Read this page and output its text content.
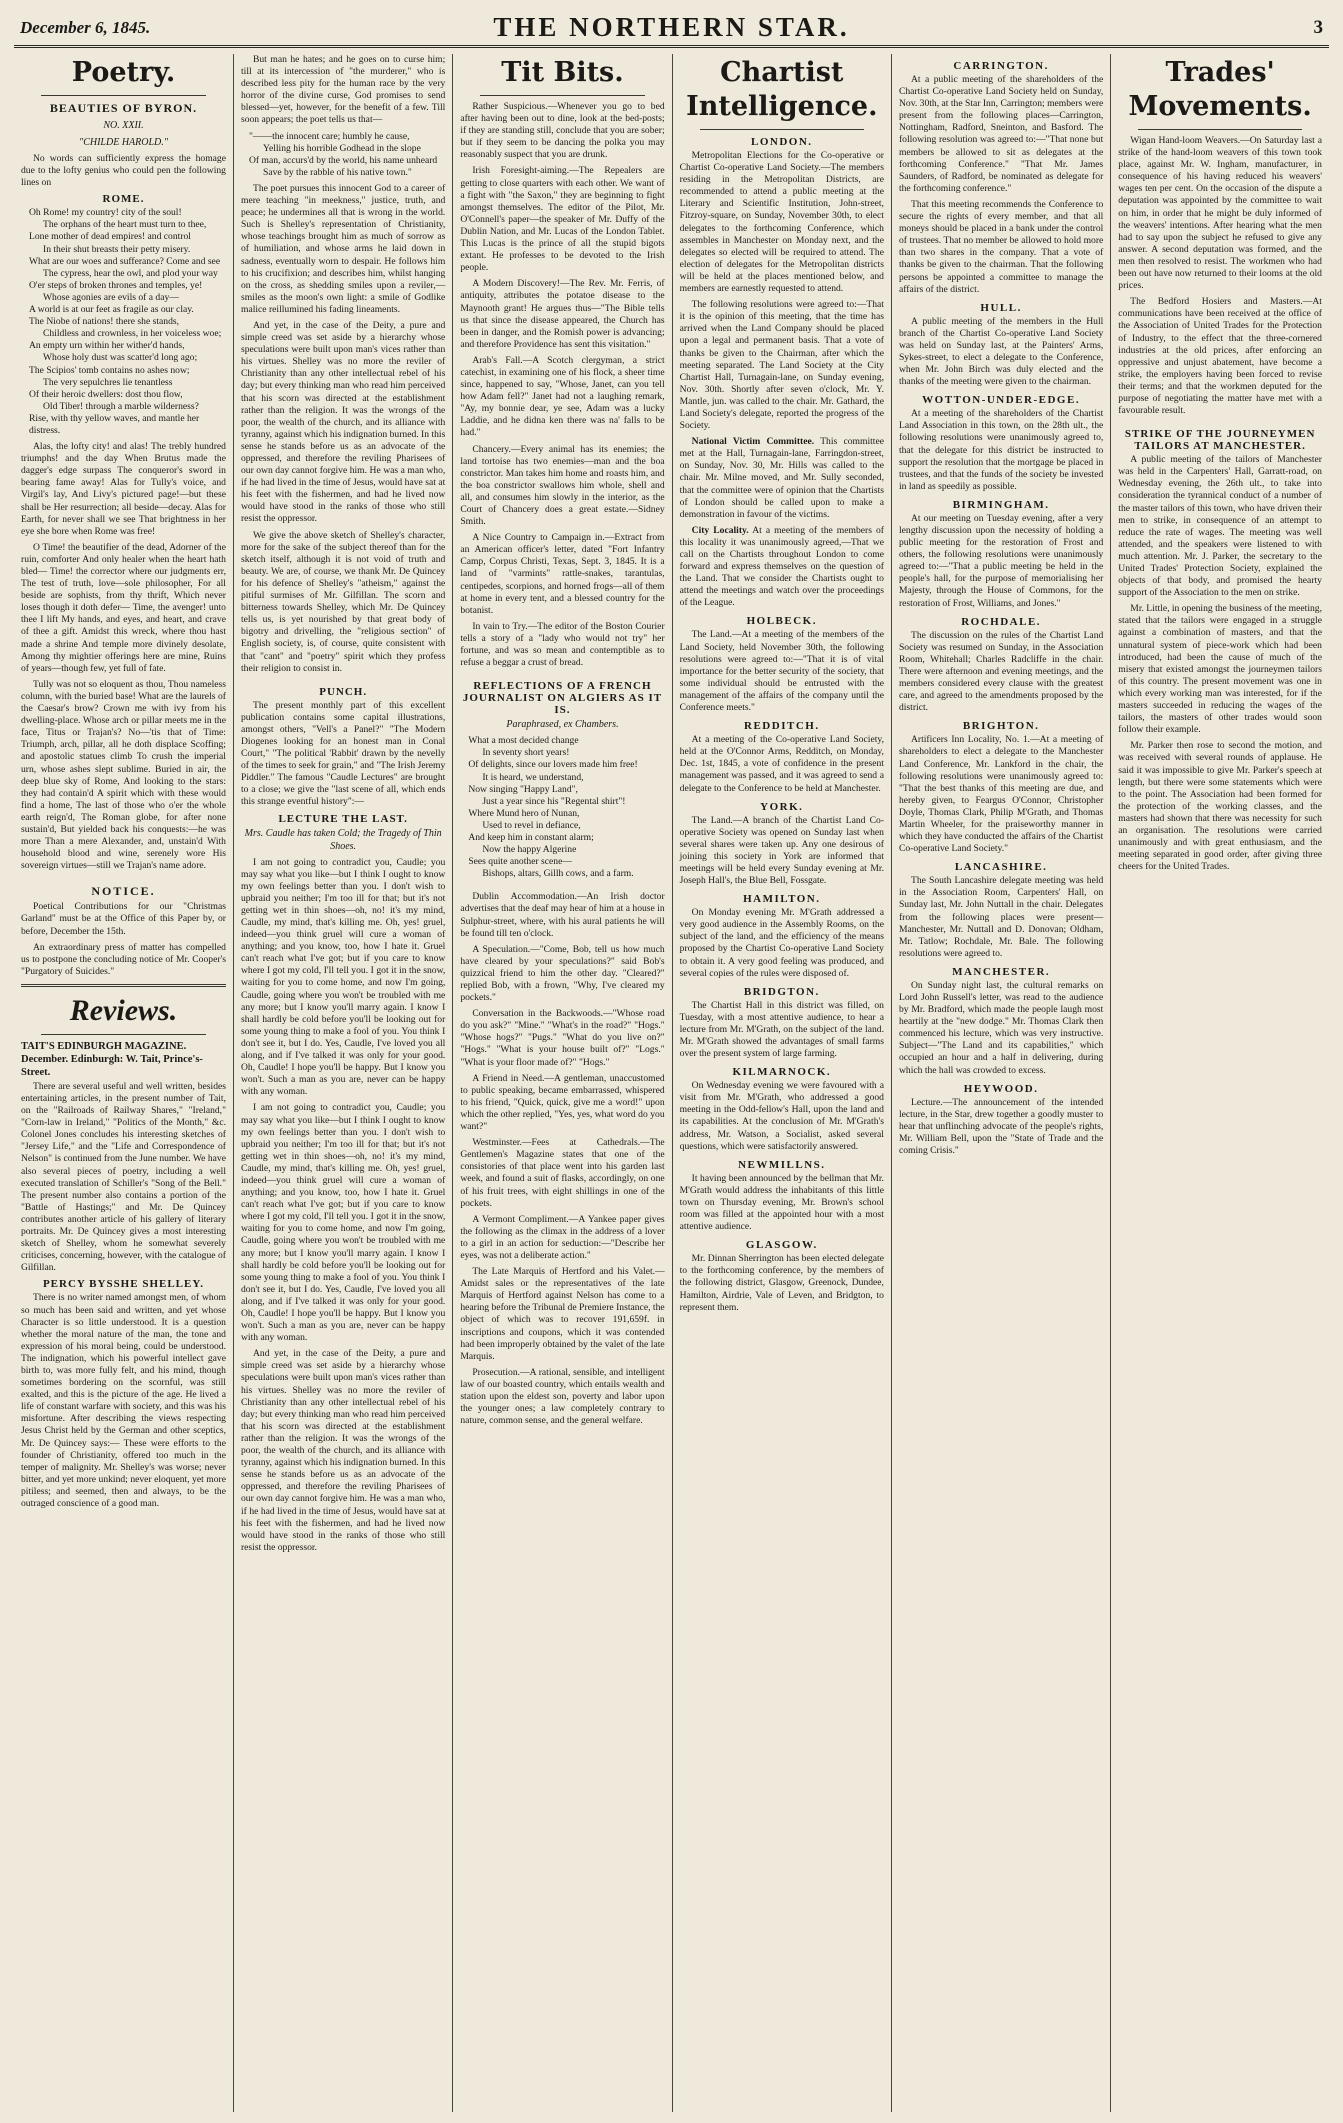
December 6, 1845.	THE NORTHERN STAR.	3
Poetry.
BEAUTIES OF BYRON.
NO. XXII.
"CHILDE HAROLD."

No words can sufficiently express the homage due to the lofty genius who could pen the following lines on

ROME.
Oh Rome! my country! city of the soul!
The orphans of the heart must turn to thee,
Lone mother of dead empires! and control
In their shut breasts their petty misery.
What are our woes and sufferance? Come and see
The cypress, hear the owl, and plod your way
O'er steps of broken thrones and temples, ye!
Whose agonies are evils of a day—
A world is at our feet as fragile as our clay.
The Niobe of nations! there she stands,
Childless and crownless, in her voiceless woe;
An empty urn within her wither'd hands,
Whose holy dust was scatter'd long ago;
The Scipios' tomb contains no ashes now;
The very sepulchres lie tenantless
Of their heroic dwellers: dost thou flow,
Old Tiber! through a marble wilderness?
Rise, with thy yellow waves, and mantle her distress.

Alas, the lofty city! and alas! The trebly hundred triumphs! and the day When Brutus made the dagger's edge surpass The conqueror's sword in bearing fame away! Alas for Tully's voice, and Virgil's lay, And Livy's pictured page!—but these shall be Her resurrection; all beside—decay. Alas for Earth, for never shall we see That brightness in her eye she bore when Rome was free!

O Time! the beautifier of the dead, Adorner of the ruin, comforter And only healer when the heart hath bled— Time! the corrector where our judgments err, The test of truth, love—sole philosopher, For all beside are sophists, from thy thrift, Which never loses though it doth defer— Time, the avenger! unto thee I lift My hands, and eyes, and heart, and crave of thee a gift. Amidst this wreck, where thou hast made a shrine And temple more divinely desolate, Among thy mightier offerings here are mine, Ruins of years—though few, yet full of fate.

Tully was not so eloquent as thou, Thou nameless column, with the buried base! What are the laurels of the Caesar's brow? Crown me with ivy from his dwelling-place. Whose arch or pillar meets me in the face, Titus or Trajan's? No—'tis that of Time: Triumph, arch, pillar, all he doth displace Scoffing; and apostolic statues climb To crush the imperial urn, whose ashes slept sublime. Buried in air, the deep blue sky of Rome, And looking to the stars: they had contain'd A spirit which with these would find a home, The last of those who o'er the whole earth reign'd, The Roman globe, for after none sustain'd, But yielded back his conquests:—he was more Than a mere Alexander, and, unstain'd With household blood and wine, serenely wore His sovereign virtues—still we Trajan's name adore.

NOTICE.

Poetical Contributions for our "Christmas Garland" must be at the Office of this Paper by, or before, December the 15th.

An extraordinary press of matter has compelled us to postpone the concluding notice of Mr. Cooper's "Purgatory of Suicides."

Reviews.
TAIT'S EDINBURGH MAGAZINE. December. Edinburgh: W. Tait, Prince's-Street.

There are several useful and well written, besides entertaining articles, in the present number of Tait, on the "Railroads of Railway Shares," "Ireland," "Corn-law in Ireland," "Politics of the Month," &c. Colonel Jones concludes his interesting sketches of "Jersey Life," and the "Life and Correspondence of Nelson" is continued from the June number. We have also several pieces of poetry, including a well executed translation of Schiller's "Song of the Bell." The present number also contains a portion of the "Battle of Hastings;" and Mr. De Quincey contributes another article of his gallery of literary portraits. Mr. De Quincey gives a most interesting sketch of Shelley, whom he somewhat severely criticises, concerning, however, with the catalogue of Gilfillan.

PERCY BYSSHE SHELLEY.

There is no writer named amongst men, of whom so much has been said and written, and yet whose Character is so little understood. It is a question whether the moral nature of the man, the tone and expression of his moral being, could be understood. The indignation, which his powerful intellect gave birth to, was more fully felt, and his mind, though sometimes bordering on the scornful, was still exalted, and this is the picture of the age. He lived a life of constant warfare with society, and this was his misfortune. After describing the views respecting Jesus Christ held by the German and other sceptics, Mr. De Quincey says:— These were efforts to the founder of Christianity, offered too much in the temper of malignity. Mr. Shelley's was worse; never bitter, and yet more unkind; never eloquent, yet more pitiless; and seemed, then and always, to be the outraged conscience of a good man.

But man he hates; and he goes on to curse him; till at its intercession of "the murderer," who is described less pity for the human race by the very horror of the divine curse, God promises to send blessed—yet, however, for the benefit of a few. Till soon appears; the poet tells us that—

"——the innocent care; humbly he cause,
Yelling his horrible Godhead in the slope
Of man, accurs'd by the world, his name unheard
Save by the rabble of his native town."

The poet pursues this innocent God to a career of mere teaching "in meekness," justice, truth, and peace; he undermines all that is wrong in the world. Such is Shelley's representation of Christianity, whose teachings brought him as much of sorrow as of humiliation, and whose arms he laid down in sadness, eventually worn to despair. He follows him to his crucifixion; and describes him, whilst hanging on the cross, as shedding smiles upon a reviler,—smiles as the moon's own light: a smile of Godlike malice reillumined his fading lineaments.

And yet, in the case of the Deity, a pure and simple creed was set aside by a hierarchy whose speculations were built upon man's vices rather than his virtues. Shelley was no more the reviler of Christianity than any other intellectual rebel of his day; but every thinking man who read him perceived that his scorn was directed at the establishment rather than the religion. It was the wrongs of the poor, the wealth of the church, and its alliance with tyranny, against which his indignation burned. In this sense he stands before us as an advocate of the oppressed, and therefore the reviling Pharisees of our own day cannot forgive him. He was a man who, if he had lived in the time of Jesus, would have sat at his feet with the fishermen, and had he lived now would have stood in the ranks of those who still resist the oppressor.

We give the above sketch of Shelley's character, more for the sake of the subject thereof than for the sketch itself, although it is not void of truth and beauty. We are, of course, we thank Mr. De Quincey for his defence of Shelley's "atheism," against the pitiful surmises of Mr. Gilfillan. The scorn and bitterness towards Shelley, which Mr. De Quincey tells us, is yet nourished by that great body of bigotry and drivelling, the "religious section" of English society, is, of course, quite consistent with that "cant" and "poetry" spirit which they profess their religion to consist in.

PUNCH.

The present monthly part of this excellent publication contains some capital illustrations, amongst others, "Vell's a Panel?" "The Modern Diogenes looking for an honest man in Conal Court," "The political 'Rabbit' drawn by the nevelly of the times to seek for grain," and "The Irish Jeremy Piddler." The famous "Caudle Lectures" are brought to a close; we give the "last scene of all, which ends this strange eventful history":—

LECTURE THE LAST.
Mrs. Caudle has taken Cold; the Tragedy of Thin Shoes.

I am not going to contradict you, Caudle; you may say what you like—but I think I ought to know my own feelings better than you. I don't wish to upbraid you neither; I'm too ill for that; but it's not getting wet in thin shoes—oh, no! it's my mind, Caudle, my mind, that's killing me. Oh, yes! gruel, indeed—you think gruel will cure a woman of anything; and you know, too, how I hate it. Gruel can't reach what I've got; but if you care to know where I got my cold, I'll tell you. I got it in the snow, waiting for you to come home, and now I'm going, Caudle, going where you won't be troubled with me any more; but I know you'll marry again. I know I shall hardly be cold before you'll be looking out for some young thing to make a fool of you. You think I don't see it, but I do. Yes, Caudle, I've loved you all along, and if I've talked it was only for your good. Oh, Caudle! I hope you'll be happy. But I know you won't. Such a man as you are, never can be happy with any woman.

I am not going to contradict you, Caudle; you may say what you like—but I think I ought to know my own feelings better than you. I don't wish to upbraid you neither; I'm too ill for that; but it's not getting wet in thin shoes—oh, no! it's my mind, Caudle, my mind, that's killing me. Oh, yes! gruel, indeed—you think gruel will cure a woman of anything; and you know, too, how I hate it. Gruel can't reach what I've got; but if you care to know where I got my cold, I'll tell you. I got it in the snow, waiting for you to come home, and now I'm going, Caudle, going where you won't be troubled with me any more; but I know you'll marry again. I know I shall hardly be cold before you'll be looking out for some young thing to make a fool of you. You think I don't see it, but I do. Yes, Caudle, I've loved you all along, and if I've talked it was only for your good. Oh, Caudle! I hope you'll be happy. But I know you won't. Such a man as you are, never can be happy with any woman.

And yet, in the case of the Deity, a pure and simple creed was set aside by a hierarchy whose speculations were built upon man's vices rather than his virtues. Shelley was no more the reviler of Christianity than any other intellectual rebel of his day; but every thinking man who read him perceived that his scorn was directed at the establishment rather than the religion. It was the wrongs of the poor, the wealth of the church, and its alliance with tyranny, against which his indignation burned. In this sense he stands before us as an advocate of the oppressed, and therefore the reviling Pharisees of our own day cannot forgive him. He was a man who, if he had lived in the time of Jesus, would have sat at his feet with the fishermen, and had he lived now would have stood in the ranks of those who still resist the oppressor.

Tit Bits.

Rather Suspicious.—Whenever you go to bed after having been out to dine, look at the bed-posts; if they are standing still, conclude that you are sober; but if they seem to be dancing the polka you may reasonably suspect that you are drunk.

Irish Foresight-aiming.—The Repealers are getting to close quarters with each other. We want of a fight with "the Saxon," they are beginning to fight amongst themselves. The editor of the Pilot, Mr. O'Connell's paper—the speaker of Mr. Duffy of the Dublin Nation, and Mr. Lucas of the London Tablet. This Lucas is the prince of all the stupid bigots extant. He professes to be devoted to the Irish people.

A Modern Discovery!—The Rev. Mr. Ferris, of antiquity, attributes the potatoe disease to the Maynooth grant! He argues thus—"The Bible tells us that since the disease appeared, the Church has been in danger, and the Romish power is advancing; and therefore Providence has sent this visitation."

Arab's Fall.—A Scotch clergyman, a strict catechist, in examining one of his flock, a sheer time since, happened to say, "Whose, Janet, can you tell how Adam fell?" Janet had not a laughing remark, "Ay, my bonnie dear, ye see, Adam was a lucky Laddie, and he didna ken there was na' falls to be had."

Chancery.—Every animal has its enemies; the land tortoise has two enemies—man and the boa constrictor. Man takes him home and roasts him, and the boa constrictor swallows him whole, shell and all, and consumes him slowly in the interior, as the Court of Chancery does a great estate.—Sidney Smith.

A Nice Country to Campaign in.—Extract from an American officer's letter, dated "Fort Infantry Camp, Corpus Christi, Texas, Sept. 3, 1845. It is a land of "varmints" rattle-snakes, tarantulas, centipedes, scorpions, and horned frogs—all of them at home in every tent, and a blessed country for the botanist.

In vain to Try.—The editor of the Boston Courier tells a story of a "lady who would not try" her fortune, and was so mean and contemptible as to refuse a beggar a crust of bread.

REFLECTIONS OF A FRENCH JOURNALIST ON ALGIERS AS IT IS.
Paraphrased, ex Chambers.
What a most decided change
In seventy short years!
Of delights, since our lovers made him free!
It is heard, we understand,
Now singing "Happy Land",
Just a year since his "Regental shirt"!
Where Mund hero of Nunan,
Used to revel in defiance,
And keep him in constant alarm;
Now the happy Algerine
Sees quite another scene—
Bishops, altars, Gillh cows, and a farm.

Dublin Accommodation.—An Irish doctor advertises that the deaf may hear of him at a house in Sulphur-street, where, with his aural patients he will be found till ten o'clock.

A Speculation.—"Come, Bob, tell us how much have cleared by your speculations?" said Bob's quizzical friend to him the other day. "Cleared?" replied Bob, with a frown, "Why, I've cleared my pockets."

Conversation in the Backwoods.—"Whose road do you ask?" "Mine." "What's in the road?" "Hogs." "Whose hogs?" "Pugs." "What do you live on?" "Hogs." "What is your house built of?" "Logs." "What is your floor made of?" "Hogs."

A Friend in Need.—A gentleman, unaccustomed to public speaking, became embarrassed, whispered to his friend, "Quick, quick, give me a word!" upon which the other replied, "Yes, yes, what word do you want?"

Westminster.—Fees at Cathedrals.—The Gentlemen's Magazine states that one of the consistories of that place went into his garden last week, and found a suit of flasks, accordingly, on one of his fruit trees, with eight shillings in one of the pockets.

A Vermont Compliment.—A Yankee paper gives the following as the climax in the address of a lover to a girl in an action for seduction:—"Describe her eyes, was not a deliberate action."

The Late Marquis of Hertford and his Valet.—Amidst sales or the representatives of the late Marquis of Hertford against Nelson has come to a hearing before the Tribunal de Premiere Instance, the object of which was to recover 191,659f. in inscriptions and coupons, which it was contended had been improperly obtained by the valet of the late Marquis.

Prosecution.—A rational, sensible, and intelligent law of our boasted country, which entails wealth and station upon the eldest son, poverty and labor upon the younger ones; a law completely contrary to nature, common sense, and the general welfare.

Chartist Intelligence.
LONDON.

Metropolitan Elections for the Co-operative or Chartist Co-operative Land Society.—The members residing in the Metropolitan Districts, are recommended to attend a public meeting at the Literary and Scientific Institution, John-street, Fitzroy-square, on Sunday, November 30th, to elect delegates to the forthcoming Conference, which assembles in Manchester on Monday next, and the delegates so elected will be required to attend. The election of delegates for the Metropolitan districts will be held at the places mentioned below, and members are earnestly requested to attend.

The following resolutions were agreed to:—That it is the opinion of this meeting, that the time has arrived when the Land Company should be placed upon a legal and permanent basis. That a vote of thanks be given to the Chairman, after which the meeting separated. The Land Society at the City Chartist Hall, Turnagain-lane, on Sunday evening, Nov. 30th. Shortly after seven o'clock, Mr. Y. Mantle, jun. was called to the chair. Mr. Gathard, the Land Society's delegate, reported the progress of the Society.

National Victim Committee. This committee met at the Hall, Turnagain-lane, Farringdon-street, on Sunday, Nov. 30, Mr. Hills was called to the chair. Mr. Milne moved, and Mr. Sully seconded, that the committee were of opinion that the Chartists of London should be called upon to make a demonstration in favour of the victims.

City Locality. At a meeting of the members of this locality it was unanimously agreed,—That we call on the Chartists throughout London to come forward and express themselves on the question of the Land. That we consider the Chartists ought to attend the meetings and watch over the proceedings of the League.

HOLBECK.

The Land.—At a meeting of the members of the Land Society, held November 30th, the following resolutions were agreed to:—"That it is of vital importance for the better security of the society, that some individual should be entrusted with the management of the affairs of the company until the Conference meets."

REDDITCH.

At a meeting of the Co-operative Land Society, held at the O'Connor Arms, Redditch, on Monday, Dec. 1st, 1845, a vote of confidence in the present management was passed, and it was agreed to send a delegate to the Conference to be held at Manchester.

YORK.

The Land.—A branch of the Chartist Land Co-operative Society was opened on Sunday last when several shares were taken up. Any one desirous of joining this society in York are informed that meetings will be held every Sunday evening at Mr. Joseph Hall's, the Blue Bell, Fossgate.

HAMILTON.

On Monday evening Mr. M'Grath addressed a very good audience in the Assembly Rooms, on the subject of the land, and the efficiency of the means proposed by the Chartist Co-operative Land Society to obtain it. A very good feeling was produced, and several copies of the rules were disposed of.

BRIDGTON.

The Chartist Hall in this district was filled, on Tuesday, with a most attentive audience, to hear a lecture from Mr. M'Grath, on the subject of the land. Mr. M'Grath showed the advantages of small farms over the present system of large farming.

KILMARNOCK.

On Wednesday evening we were favoured with a visit from Mr. M'Grath, who addressed a good meeting in the Odd-fellow's Hall, upon the land and its capabilities. At the conclusion of Mr. M'Grath's address, Mr. Watson, a Socialist, asked several questions, which were satisfactorily answered.

NEWMILLNS.

It having been announced by the bellman that Mr. M'Grath would address the inhabitants of this little town on Thursday evening, Mr. Brown's school room was filled at the appointed hour with a most attentive audience.

GLASGOW.

Mr. Dinnan Sherrington has been elected delegate to the forthcoming conference, by the members of the following district, Glasgow, Greenock, Dundee, Hamilton, Airdrie, Vale of Leven, and Bridgton, to represent them.

CARRINGTON.

At a public meeting of the shareholders of the Chartist Co-operative Land Society held on Sunday, Nov. 30th, at the Star Inn, Carrington; members were present from the following places—Carrington, Nottingham, Radford, Sneinton, and Basford. The following resolution was agreed to:—"That none but members be allowed to sit as delegates at the forthcoming Conference." "That Mr. James Saunders, of Radford, be nominated as delegate for the forthcoming conference."

That this meeting recommends the Conference to secure the rights of every member, and that all moneys should be placed in a bank under the control of trustees. That no member be allowed to hold more than two shares in the company. That a vote of thanks be given to the chairman. That the following persons be appointed a committee to manage the affairs of the district.

HULL.

A public meeting of the members in the Hull branch of the Chartist Co-operative Land Society was held on Sunday last, at the Painters' Arms, Sykes-street, to elect a delegate to the Conference, when Mr. John Birch was duly elected and the thanks of the meeting were given to the chairman.

WOTTON-UNDER-EDGE.

At a meeting of the shareholders of the Chartist Land Association in this town, on the 28th ult., the following resolutions were unanimously agreed to, that the delegate for this district be instructed to support the resolution that the mortgage be placed in trustees, and that the funds of the society be invested in land as speedily as possible.

BIRMINGHAM.

At our meeting on Tuesday evening, after a very lengthy discussion upon the necessity of holding a public meeting for the restoration of Frost and others, the following resolutions were unanimously agreed to:—"That a public meeting be held in the people's hall, for the purpose of memorialising her Majesty, through the House of Commons, for the restoration of Frost, Williams, and Jones."

ROCHDALE.

The discussion on the rules of the Chartist Land Society was resumed on Sunday, in the Association Room, Whitehall; Charles Radcliffe in the chair. There were afternoon and evening meetings, and the members considered every clause with the greatest care, and agreed to the amendments proposed by the district.

BRIGHTON.

Artificers Inn Locality, No. 1.—At a meeting of shareholders to elect a delegate to the Manchester Land Conference, Mr. Lankford in the chair, the following resolutions were unanimously agreed to: "That the best thanks of this meeting are due, and hereby given, to Feargus O'Connor, Christopher Doyle, Thomas Clark, Philip M'Grath, and Thomas Martin Wheeler, for the praiseworthy manner in which they have conducted the affairs of the Chartist Co-operative Land Society."

LANCASHIRE.

The South Lancashire delegate meeting was held in the Association Room, Carpenters' Hall, on Sunday last, Mr. John Nuttall in the chair. Delegates from the following places were present—Manchester, Mr. Nuttall and D. Donovan; Oldham, Mr. Tatlow; Rochdale, Mr. Bale. The following resolutions were agreed to.

MANCHESTER.

On Sunday night last, the cultural remarks on Lord John Russell's letter, was read to the audience by Mr. Bradford, which made the people laugh most heartily at the "new dodge." Mr. Thomas Clark then commenced his lecture, which was very instructive. Subject—"The Land and its capabilities," which occupied an hour and a half in delivering, during which the hall was crowded to excess.

HEYWOOD.

Lecture.—The announcement of the intended lecture, in the Star, drew together a goodly muster to hear that unflinching advocate of the people's rights, Mr. William Bell, upon the "State of Trade and the coming Crisis."

Trades' Movements.

Wigan Hand-loom Weavers.—On Saturday last a strike of the hand-loom weavers of this town took place, against Mr. W. Ingham, manufacturer, in consequence of his having reduced his weavers' wages ten per cent. On the occasion of the dispute a deputation was appointed by the committee to wait on him, in order that he might be duly informed of the weavers' intentions. After hearing what the men had to say upon the subject he refused to give any answer. A second deputation was formed, and the men then resolved to resist. The workmen who had been out have now returned to their looms at the old prices.

The Bedford Hosiers and Masters.—At communications have been received at the office of the Association of United Trades for the Protection of Industry, to the effect that the three-cornered industries at the old prices, after enforcing an oppressive and unjust abatement, have become a strike, the employers having been forced to revise their terms; and that the workmen deputed for the purpose of negotiating the matter have met with a favourable result.

STRIKE OF THE JOURNEYMEN TAILORS AT MANCHESTER.

A public meeting of the tailors of Manchester was held in the Carpenters' Hall, Garratt-road, on Wednesday evening, the 26th ult., to take into consideration the tyrannical conduct of a number of the master tailors of this town, who have driven their men to strike, in consequence of an attempt to reduce the rate of wages. The meeting was well attended, and the speakers were listened to with much attention. Mr. J. Parker, the secretary to the United Trades' Protection Society, explained the objects of that body, and promised the hearty support of the Association to the men on strike.

Mr. Little, in opening the business of the meeting, stated that the tailors were engaged in a struggle against a combination of masters, and that the unnatural system of piece-work which had been introduced, had been the cause of much of the misery that existed amongst the journeymen tailors of this country. The present movement was one in which every working man was interested, for if the masters succeeded in reducing the wages of the tailors, the masters of other trades would soon follow their example.

Mr. Parker then rose to second the motion, and was received with several rounds of applause. He said it was impossible to give Mr. Parker's speech at length, but there were some statements which were to the point. The Association had been formed for the protection of the working classes, and the masters had shown that there was necessity for such an organisation. The resolutions were carried unanimously and with great enthusiasm, and the meeting separated in good order, after giving three cheers for the United Trades.
